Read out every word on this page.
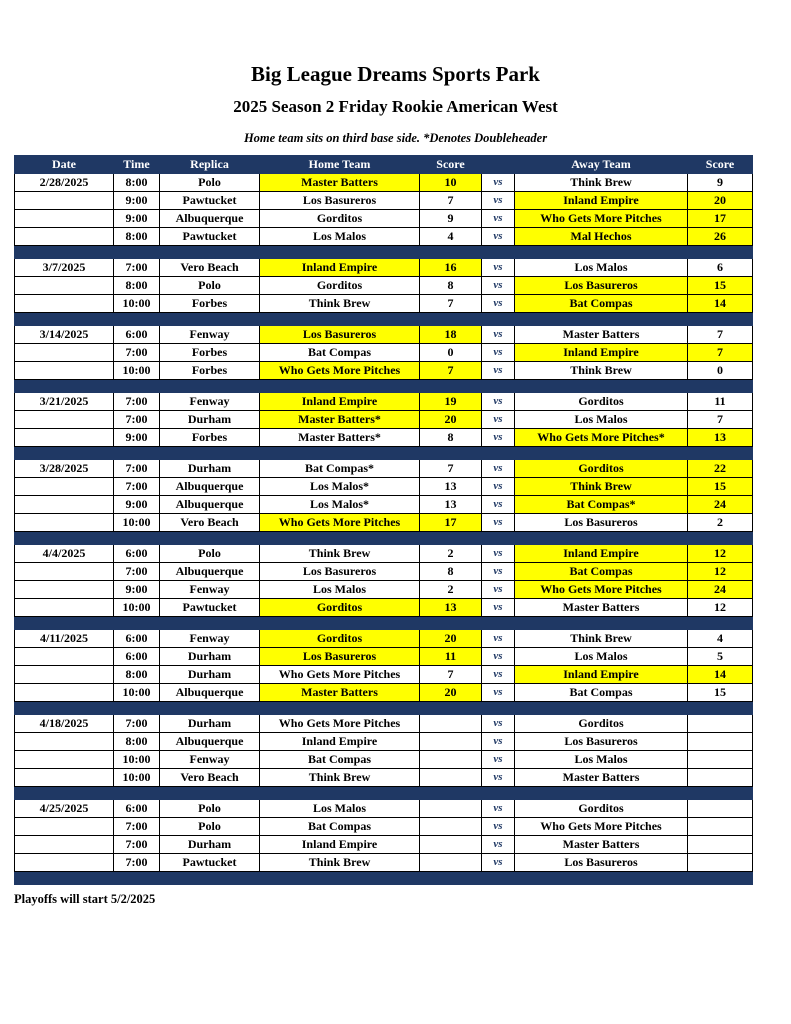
Big League Dreams Sports Park
2025 Season 2 Friday Rookie American West
Home team sits on third base side. *Denotes Doubleheader
Date	Time	Replica	Home Team	Score		Away Team	Score
2/28/2025	8:00	Polo	Master Batters	10	vs	Think Brew	9
	9:00	Pawtucket	Los Basureros	7	vs	Inland Empire	20
	9:00	Albuquerque	Gorditos	9	vs	Who Gets More Pitches	17
	8:00	Pawtucket	Los Malos	4	vs	Mal Hechos	26

3/7/2025	7:00	Vero Beach	Inland Empire	16	vs	Los Malos	6
	8:00	Polo	Gorditos	8	vs	Los Basureros	15
	10:00	Forbes	Think Brew	7	vs	Bat Compas	14

3/14/2025	6:00	Fenway	Los Basureros	18	vs	Master Batters	7
	7:00	Forbes	Bat Compas	0	vs	Inland Empire	7
	10:00	Forbes	Who Gets More Pitches	7	vs	Think Brew	0

3/21/2025	7:00	Fenway	Inland Empire	19	vs	Gorditos	11
	7:00	Durham	Master Batters*	20	vs	Los Malos	7
	9:00	Forbes	Master Batters*	8	vs	Who Gets More Pitches*	13

3/28/2025	7:00	Durham	Bat Compas*	7	vs	Gorditos	22
	7:00	Albuquerque	Los Malos*	13	vs	Think Brew	15
	9:00	Albuquerque	Los Malos*	13	vs	Bat Compas*	24
	10:00	Vero Beach	Who Gets More Pitches	17	vs	Los Basureros	2

4/4/2025	6:00	Polo	Think Brew	2	vs	Inland Empire	12
	7:00	Albuquerque	Los Basureros	8	vs	Bat Compas	12
	9:00	Fenway	Los Malos	2	vs	Who Gets More Pitches	24
	10:00	Pawtucket	Gorditos	13	vs	Master Batters	12

4/11/2025	6:00	Fenway	Gorditos	20	vs	Think Brew	4
	6:00	Durham	Los Basureros	11	vs	Los Malos	5
	8:00	Durham	Who Gets More Pitches	7	vs	Inland Empire	14
	10:00	Albuquerque	Master Batters	20	vs	Bat Compas	15

4/18/2025	7:00	Durham	Who Gets More Pitches		vs	Gorditos	
	8:00	Albuquerque	Inland Empire		vs	Los Basureros	
	10:00	Fenway	Bat Compas		vs	Los Malos	
	10:00	Vero Beach	Think Brew		vs	Master Batters	

4/25/2025	6:00	Polo	Los Malos		vs	Gorditos	
	7:00	Polo	Bat Compas		vs	Who Gets More Pitches	
	7:00	Durham	Inland Empire		vs	Master Batters	
	7:00	Pawtucket	Think Brew		vs	Los Basureros	

Playoffs will start 5/2/2025
